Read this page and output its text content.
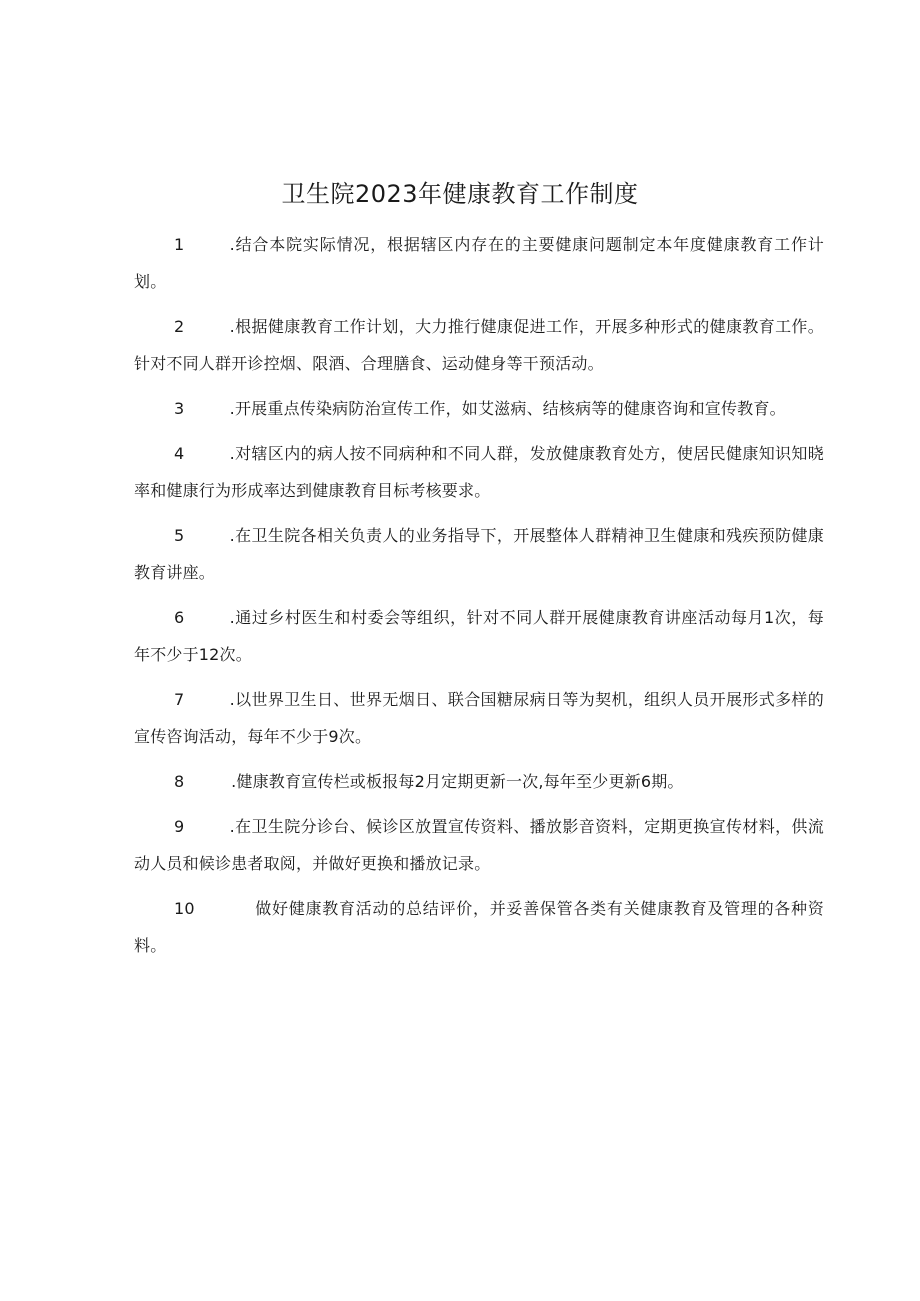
卫生院2023年健康教育工作制度
1	.结合本院实际情况，根据辖区内存在的主要健康问题制定本年度健康教育工作计划。
2	.根据健康教育工作计划，大力推行健康促进工作，开展多种形式的健康教育工作。针对不同人群开诊控烟、限酒、合理膳食、运动健身等干预活动。
3	.开展重点传染病防治宣传工作，如艾滋病、结核病等的健康咨询和宣传教育。
4	.对辖区内的病人按不同病种和不同人群，发放健康教育处方，使居民健康知识知晓率和健康行为形成率达到健康教育目标考核要求。
5	.在卫生院各相关负责人的业务指导下，开展整体人群精神卫生健康和残疾预防健康教育讲座。
6	.通过乡村医生和村委会等组织，针对不同人群开展健康教育讲座活动每月1次，每年不少于12次。
7	.以世界卫生日、世界无烟日、联合国糖尿病日等为契机，组织人员开展形式多样的宣传咨询活动，每年不少于9次。
8	.健康教育宣传栏或板报每2月定期更新一次,每年至少更新6期。
9	.在卫生院分诊台、候诊区放置宣传资料、播放影音资料，定期更换宣传材料，供流动人员和候诊患者取阅，并做好更换和播放记录。
10	做好健康教育活动的总结评价，并妥善保管各类有关健康教育及管理的各种资料。
